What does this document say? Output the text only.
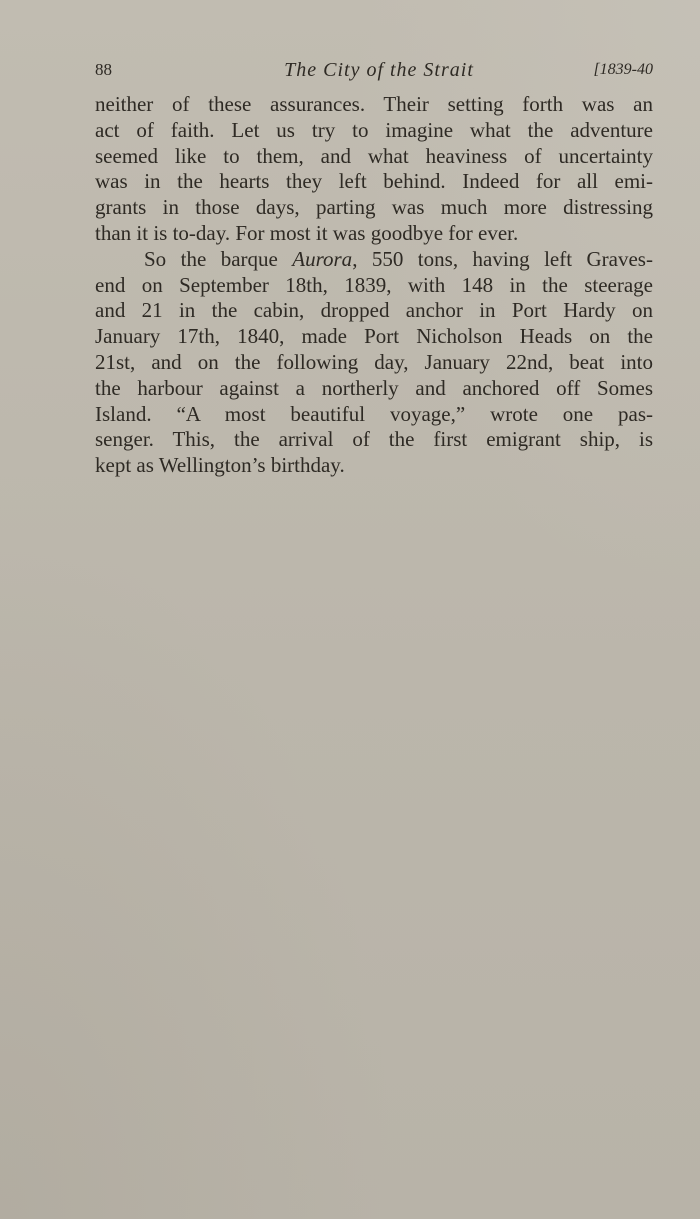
88	The City of the Strait	[1839-40

neither of these assurances. Their setting forth was an
act of faith. Let us try to imagine what the adventure
seemed like to them, and what heaviness of uncertainty
was in the hearts they left behind. Indeed for all emi-
grants in those days, parting was much more distressing
than it is to-day. For most it was goodbye for ever.

So the barque Aurora, 550 tons, having left Graves-
end on September 18th, 1839, with 148 in the steerage
and 21 in the cabin, dropped anchor in Port Hardy on
January 17th, 1840, made Port Nicholson Heads on the
21st, and on the following day, January 22nd, beat into
the harbour against a northerly and anchored off Somes
Island. “A most beautiful voyage,” wrote one pas-
senger. This, the arrival of the first emigrant ship, is
kept as Wellington’s birthday.
